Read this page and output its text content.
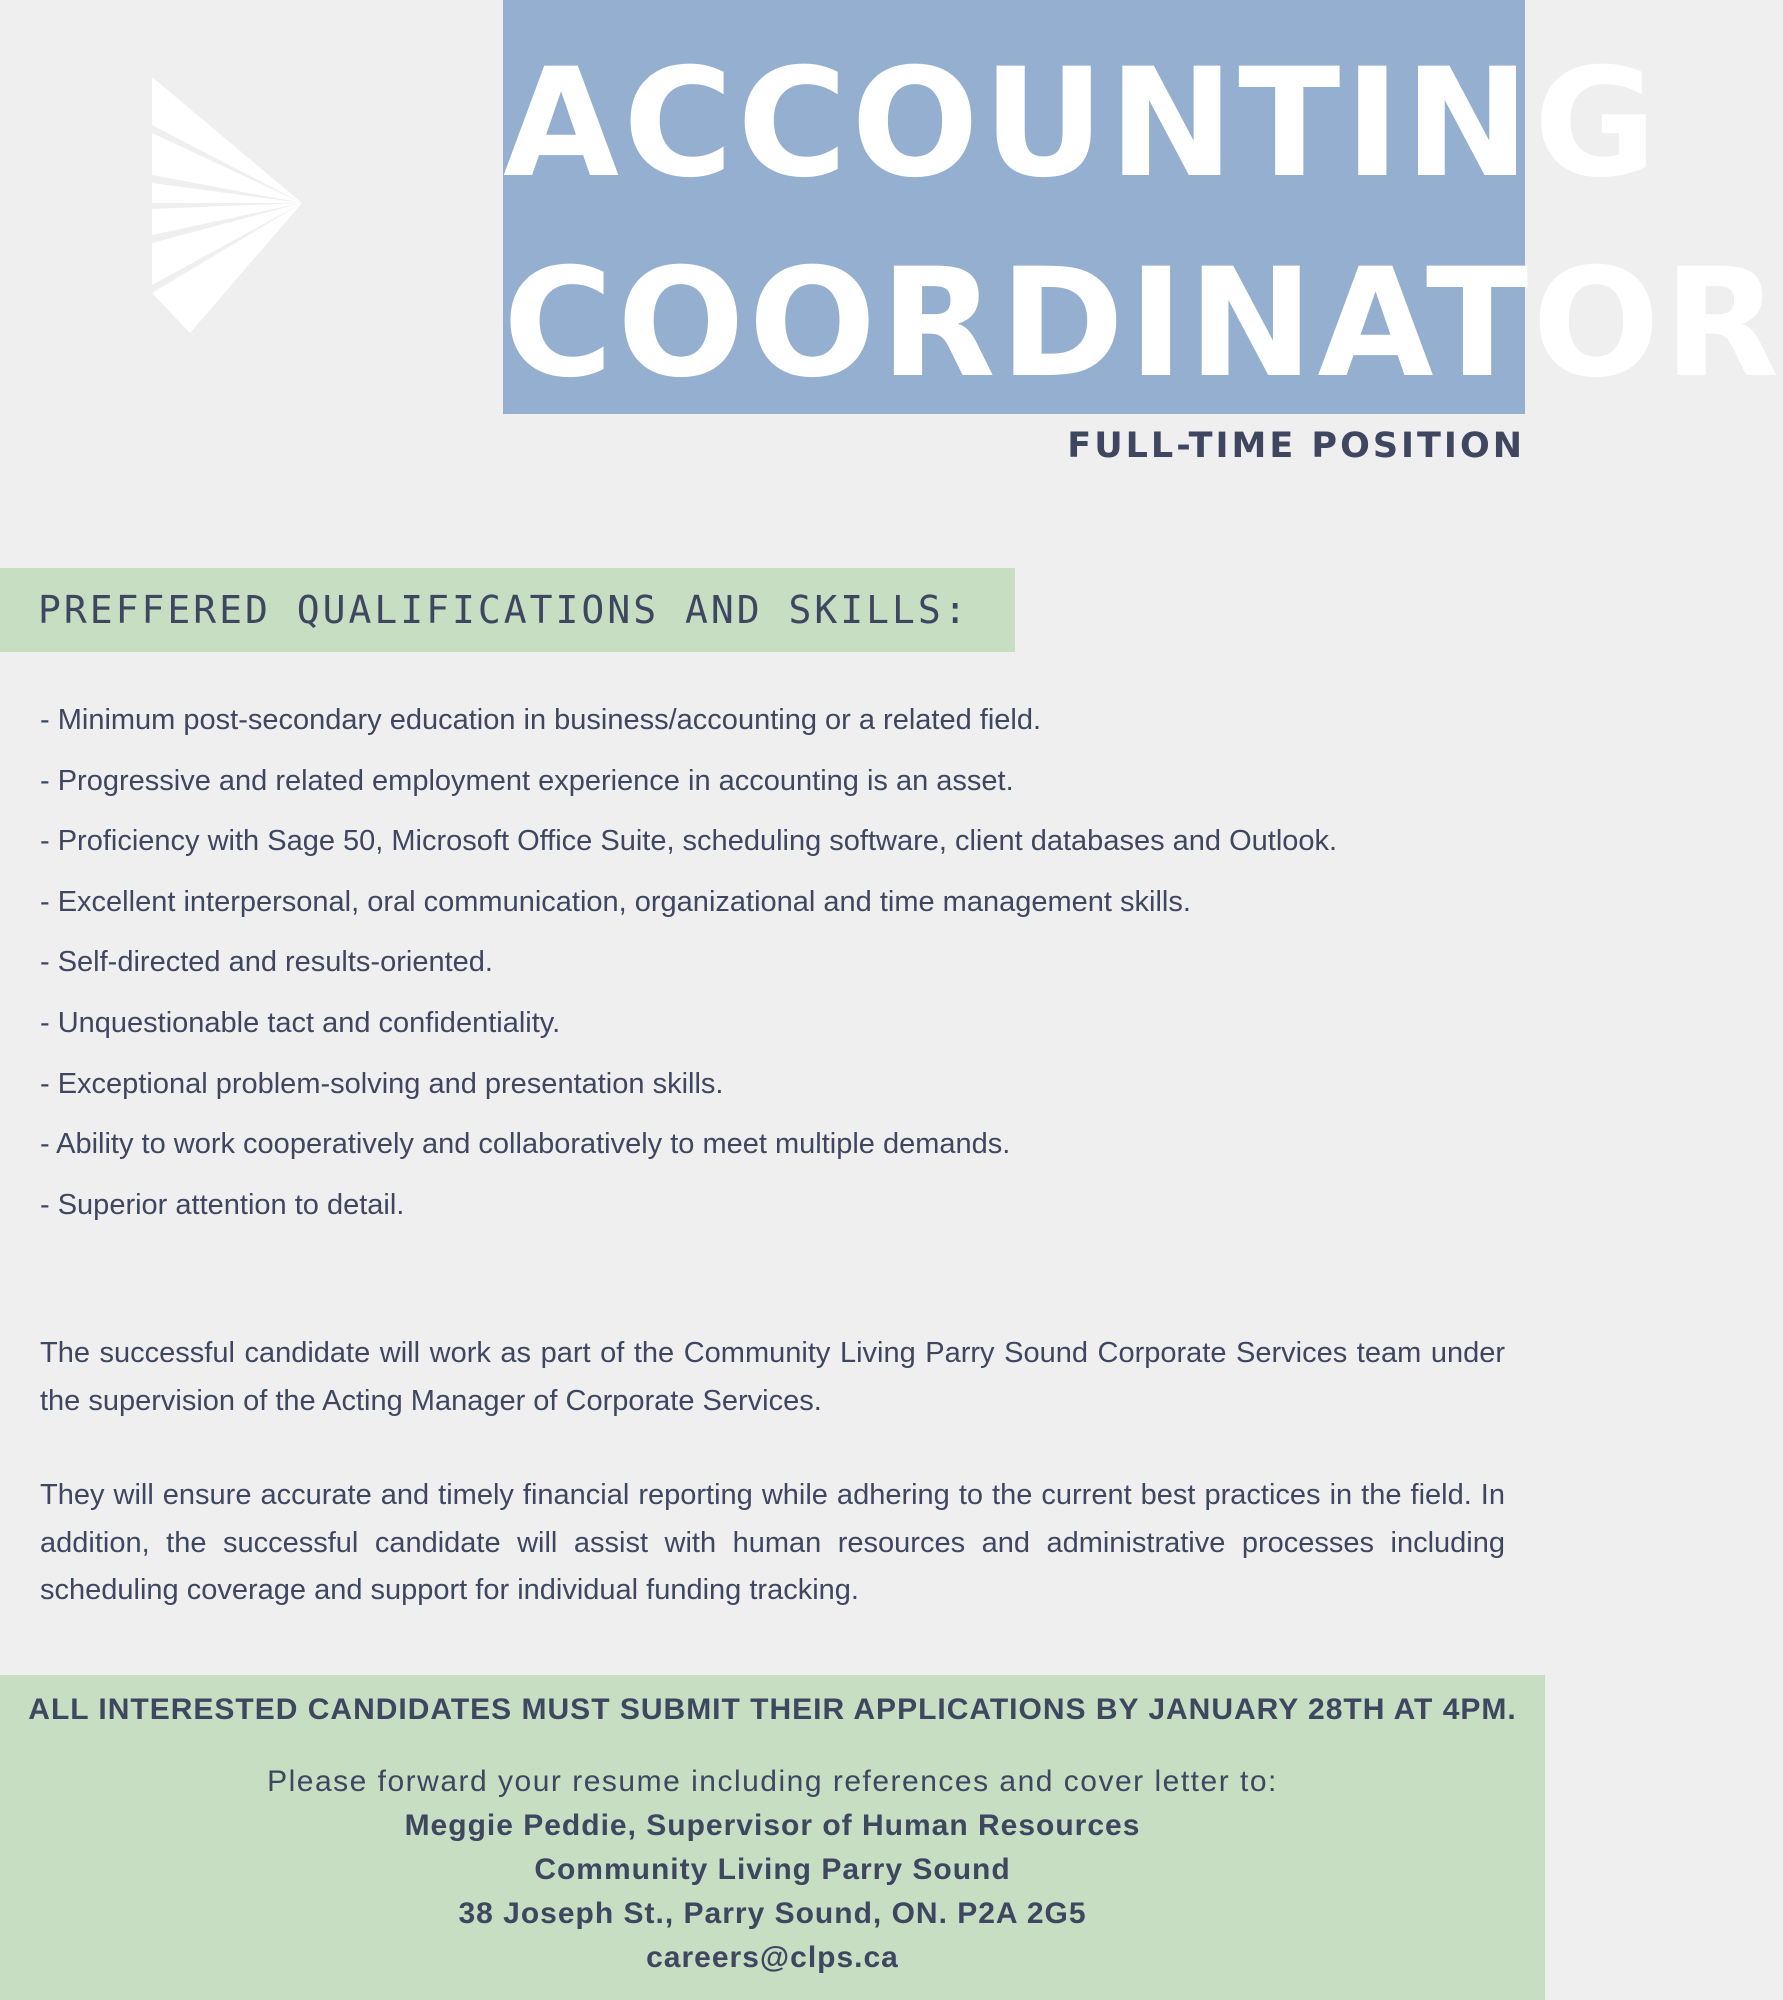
ACCOUNTING
COORDINATOR
FULL-TIME POSITION
PREFFERED QUALIFICATIONS AND SKILLS:
- Minimum post-secondary education in business/accounting or a related field.
- Progressive and related employment experience in accounting is an asset.
- Proficiency with Sage 50, Microsoft Office Suite, scheduling software, client databases and Outlook.
- Excellent interpersonal, oral communication, organizational and time management skills.
- Self-directed and results-oriented.
- Unquestionable tact and confidentiality.
- Exceptional problem-solving and presentation skills.
- Ability to work cooperatively and collaboratively to meet multiple demands.
- Superior attention to detail.

The successful candidate will work as part of the Community Living Parry Sound Corporate Services team under the supervision of the Acting Manager of Corporate Services.

They will ensure accurate and timely financial reporting while adhering to the current best practices in the field. In addition, the successful candidate will assist with human resources and administrative processes including scheduling coverage and support for individual funding tracking.

ALL INTERESTED CANDIDATES MUST SUBMIT THEIR APPLICATIONS BY JANUARY 28TH AT 4PM.
Please forward your resume including references and cover letter to:
Meggie Peddie, Supervisor of Human Resources
Community Living Parry Sound
38 Joseph St., Parry Sound, ON. P2A 2G5
careers@clps.ca
